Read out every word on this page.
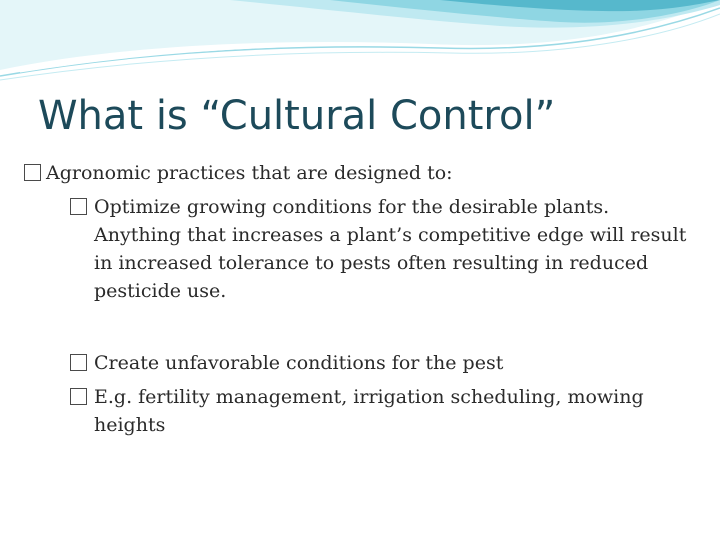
What is “Cultural Control”
Agronomic practices that are designed to:
Optimize growing conditions for the desirable plants. Anything that increases a plant’s competitive edge will result in increased tolerance to pests often resulting in reduced pesticide use.
Create unfavorable conditions for the pest
E.g. fertility management, irrigation scheduling, mowing heights
